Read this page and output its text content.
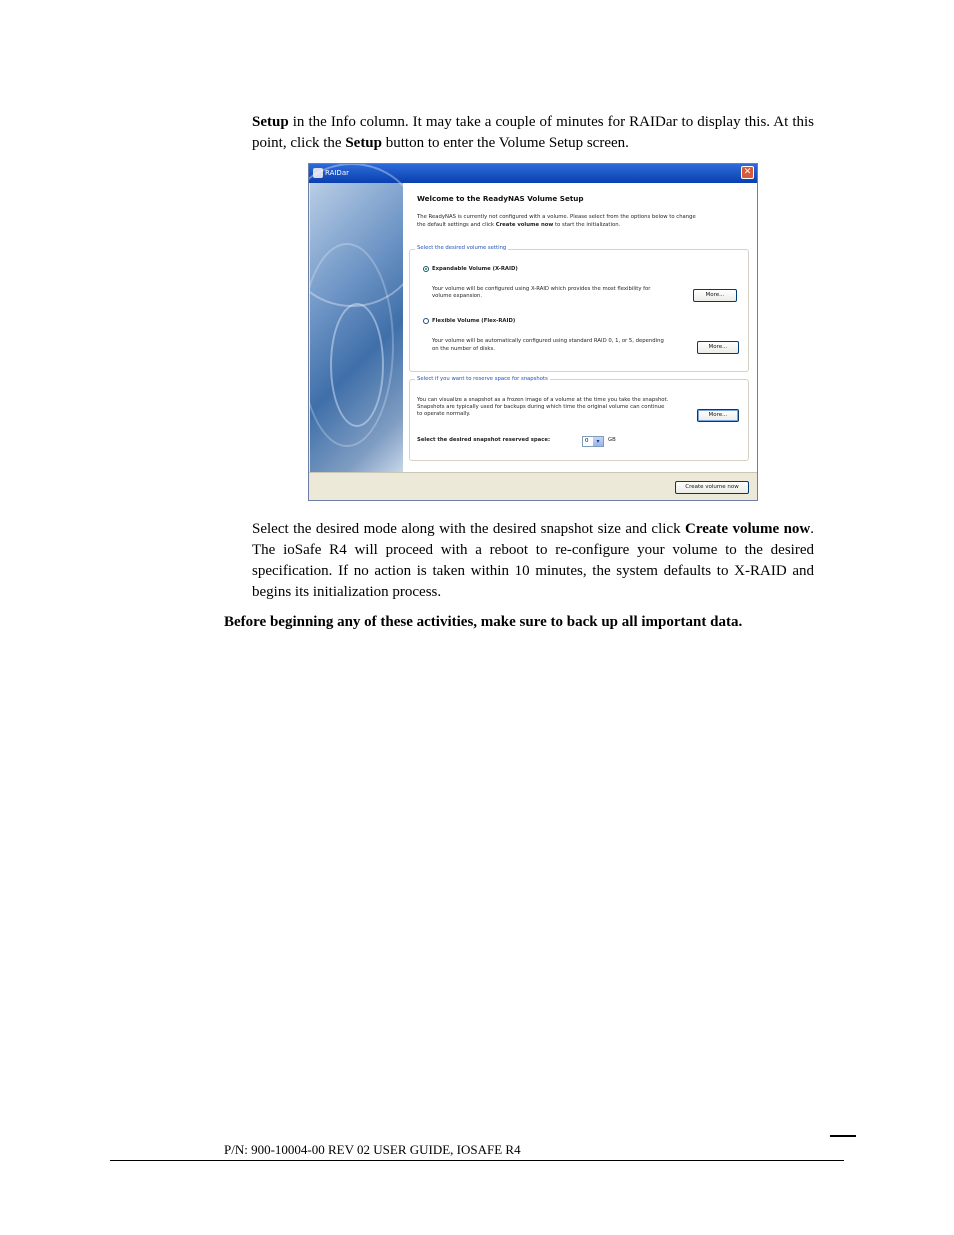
Setup in the Info column. It may take a couple of minutes for RAIDar to display this. At this point, click the Setup button to enter the Volume Setup screen.
RAIDar	✕
Welcome to the ReadyNAS Volume Setup
The ReadyNAS is currently not configured with a volume. Please select from the options below to change
the default settings and click Create volume now to start the initialization.
Select the desired volume setting
Expandable Volume (X-RAID)
Your volume will be configured using X-RAID which provides the most flexibility for
volume expansion.	More...
Flexible Volume (Flex-RAID)
Your volume will be automatically configured using standard RAID 0, 1, or 5, depending
on the number of disks.	More...
Select if you want to reserve space for snapshots
You can visualize a snapshot as a frozen image of a volume at the time you take the snapshot.
Snapshots are typically used for backups during which time the original volume can continue
to operate normally.	More...
Select the desired snapshot reserved space:	0	▾	GB
Create volume now
Select the desired mode along with the desired snapshot size and click Create volume now. The ioSafe R4 will proceed with a reboot to re-configure your volume to the desired specification. If no action is taken within 10 minutes, the system defaults to X-RAID and begins its initialization process.
Before beginning any of these activities, make sure to back up all important data.
P/N: 900-10004-00 REV 02 USER GUIDE, IOSAFE R4
